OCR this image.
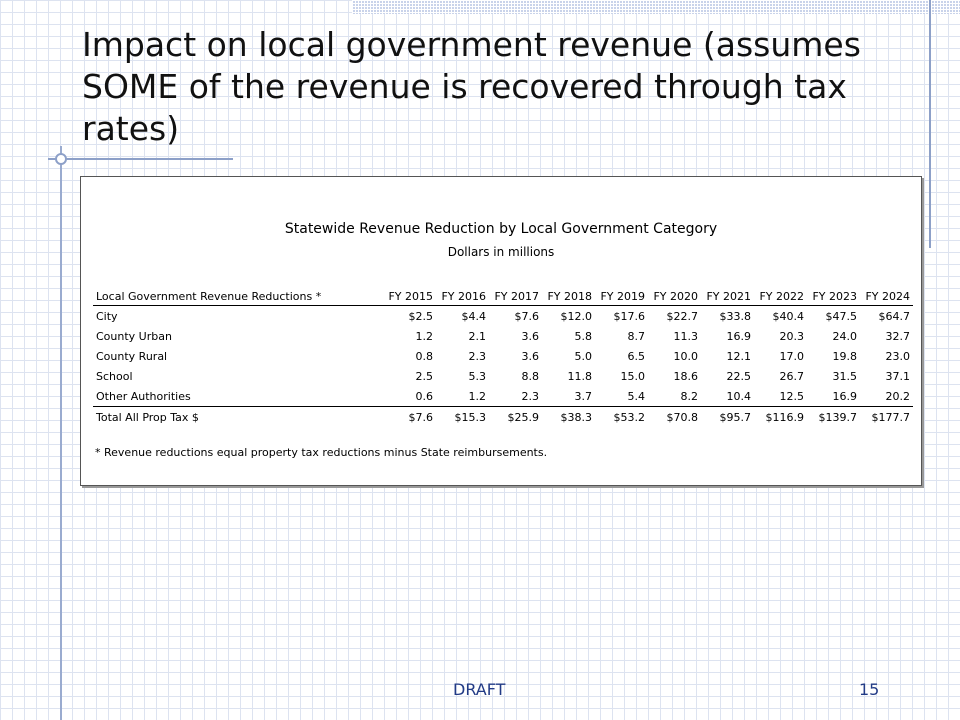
Impact on local government revenue (assumes SOME of the revenue is recovered through tax rates)
Statewide Revenue Reduction by Local Government Category
Dollars in millions
Local Government Revenue Reductions *	FY 2015	FY 2016	FY 2017	FY 2018	FY 2019	FY 2020	FY 2021	FY 2022	FY 2023	FY 2024
City	$2.5	$4.4	$7.6	$12.0	$17.6	$22.7	$33.8	$40.4	$47.5	$64.7
County Urban	1.2	2.1	3.6	5.8	8.7	11.3	16.9	20.3	24.0	32.7
County Rural	0.8	2.3	3.6	5.0	6.5	10.0	12.1	17.0	19.8	23.0
School	2.5	5.3	8.8	11.8	15.0	18.6	22.5	26.7	31.5	37.1
Other Authorities	0.6	1.2	2.3	3.7	5.4	8.2	10.4	12.5	16.9	20.2
Total All Prop Tax $	$7.6	$15.3	$25.9	$38.3	$53.2	$70.8	$95.7	$116.9	$139.7	$177.7
* Revenue reductions equal property tax reductions minus State reimbursements.
DRAFT	15
